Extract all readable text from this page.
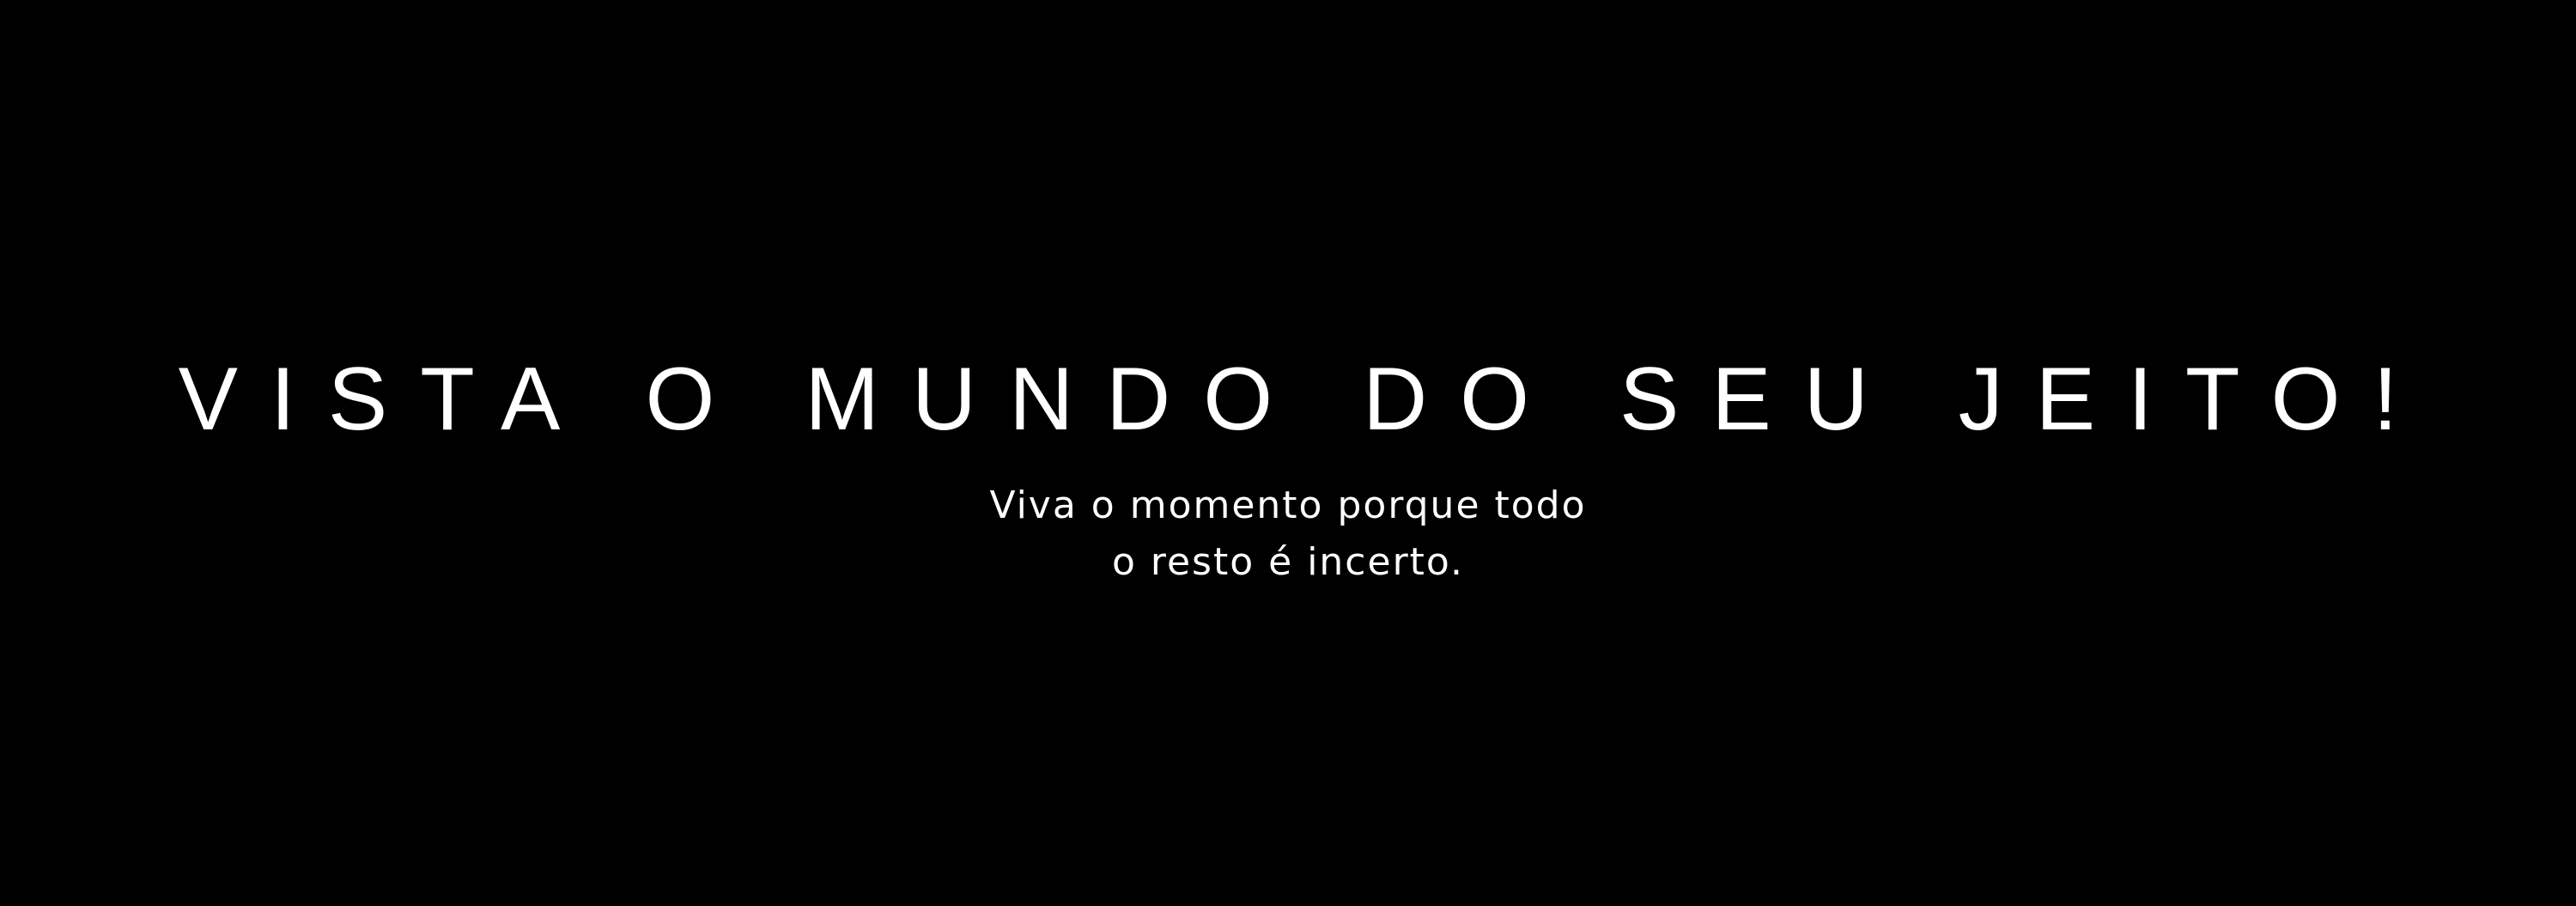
VISTA O MUNDO DO SEU JEITO!
Viva o momento porque todo
o resto é incerto.
